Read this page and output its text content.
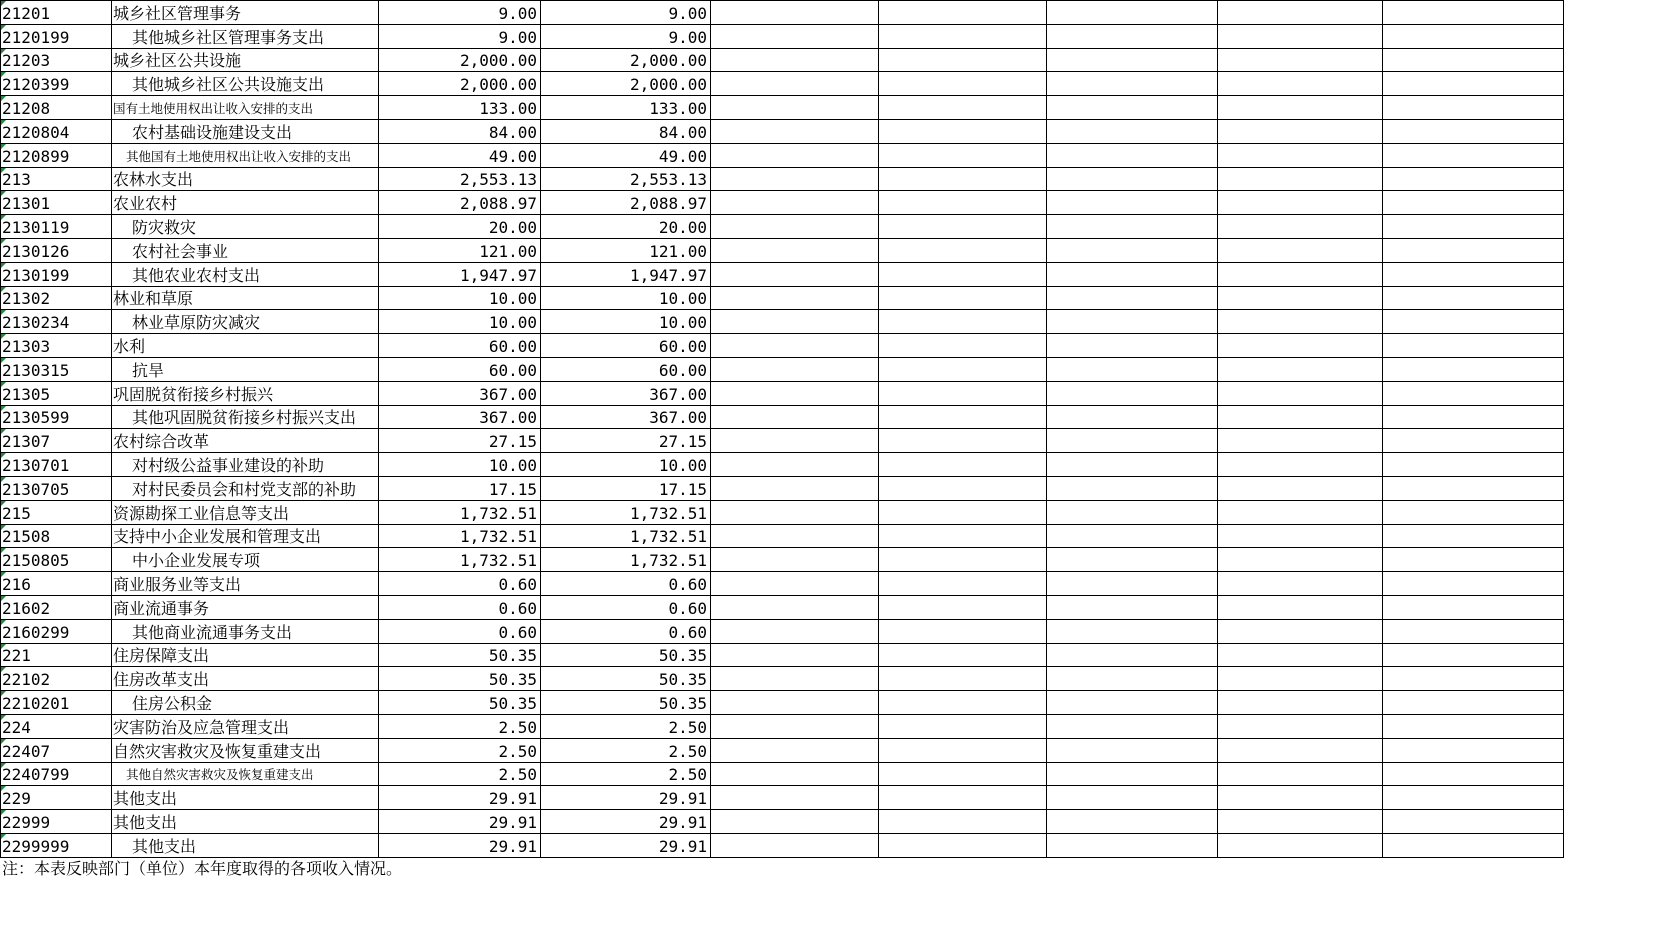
21201	城乡社区管理事务	9.00	9.00					
2120199	其他城乡社区管理事务支出	9.00	9.00					
21203	城乡社区公共设施	2,000.00	2,000.00					
2120399	其他城乡社区公共设施支出	2,000.00	2,000.00					
21208	国有土地使用权出让收入安排的支出	133.00	133.00					
2120804	农村基础设施建设支出	84.00	84.00					
2120899	其他国有土地使用权出让收入安排的支出	49.00	49.00					
213	农林水支出	2,553.13	2,553.13					
21301	农业农村	2,088.97	2,088.97					
2130119	防灾救灾	20.00	20.00					
2130126	农村社会事业	121.00	121.00					
2130199	其他农业农村支出	1,947.97	1,947.97					
21302	林业和草原	10.00	10.00					
2130234	林业草原防灾减灾	10.00	10.00					
21303	水利	60.00	60.00					
2130315	抗旱	60.00	60.00					
21305	巩固脱贫衔接乡村振兴	367.00	367.00					
2130599	其他巩固脱贫衔接乡村振兴支出	367.00	367.00					
21307	农村综合改革	27.15	27.15					
2130701	对村级公益事业建设的补助	10.00	10.00					
2130705	对村民委员会和村党支部的补助	17.15	17.15					
215	资源勘探工业信息等支出	1,732.51	1,732.51					
21508	支持中小企业发展和管理支出	1,732.51	1,732.51					
2150805	中小企业发展专项	1,732.51	1,732.51					
216	商业服务业等支出	0.60	0.60					
21602	商业流通事务	0.60	0.60					
2160299	其他商业流通事务支出	0.60	0.60					
221	住房保障支出	50.35	50.35					
22102	住房改革支出	50.35	50.35					
2210201	住房公积金	50.35	50.35					
224	灾害防治及应急管理支出	2.50	2.50					
22407	自然灾害救灾及恢复重建支出	2.50	2.50					
2240799	其他自然灾害救灾及恢复重建支出	2.50	2.50					
229	其他支出	29.91	29.91					
22999	其他支出	29.91	29.91					
2299999	其他支出	29.91	29.91					
注：本表反映部门（单位）本年度取得的各项收入情况。
